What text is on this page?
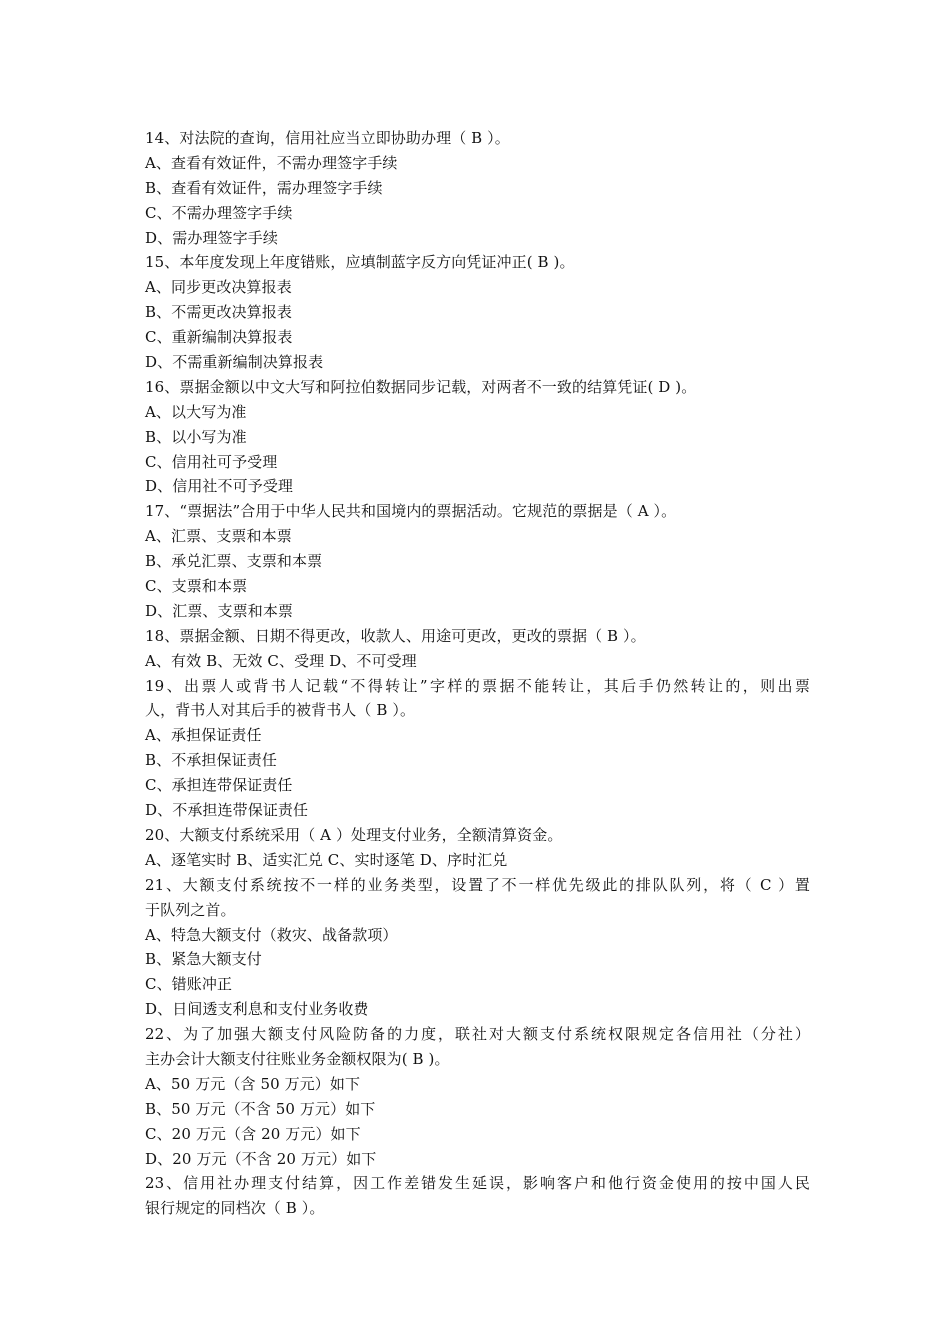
14、对法院的查询，信用社应当立即协助办理（ B ）。
A、查看有效证件，不需办理签字手续
B、查看有效证件，需办理签字手续
C、不需办理签字手续
D、需办理签字手续
15、本年度发现上年度错账，应填制蓝字反方向凭证冲正( B )。
A、同步更改决算报表
B、不需更改决算报表
C、重新编制决算报表
D、不需重新编制决算报表
16、票据金额以中文大写和阿拉伯数据同步记载，对两者不一致的结算凭证( D )。
A、以大写为准
B、以小写为准
C、信用社可予受理
D、信用社不可予受理
17、“票据法”合用于中华人民共和国境内的票据活动。它规范的票据是（ A ）。
A、汇票、支票和本票
B、承兑汇票、支票和本票
C、支票和本票
D、汇票、支票和本票
18、票据金额、日期不得更改，收款人、用途可更改，更改的票据（ B ）。
A、有效 B、无效 C、受理 D、不可受理
19、出票人或背书人记载“不得转让”字样的票据不能转让，其后手仍然转让的，则出票
人，背书人对其后手的被背书人（ B ）。
A、承担保证责任
B、不承担保证责任
C、承担连带保证责任
D、不承担连带保证责任
20、大额支付系统采用（ A ）处理支付业务，全额清算资金。
A、逐笔实时 B、适实汇兑 C、实时逐笔 D、序时汇兑
21、大额支付系统按不一样的业务类型，设置了不一样优先级此的排队队列，将（ C ）置
于队列之首。
A、特急大额支付（救灾、战备款项）
B、紧急大额支付
C、错账冲正
D、日间透支利息和支付业务收费
22、为了加强大额支付风险防备的力度，联社对大额支付系统权限规定各信用社（分社）
主办会计大额支付往账业务金额权限为( B )。
A、50 万元（含 50 万元）如下
B、50 万元（不含 50 万元）如下
C、20 万元（含 20 万元）如下
D、20 万元（不含 20 万元）如下
23、信用社办理支付结算，因工作差错发生延误，影响客户和他行资金使用的按中国人民
银行规定的同档次（ B ）。
